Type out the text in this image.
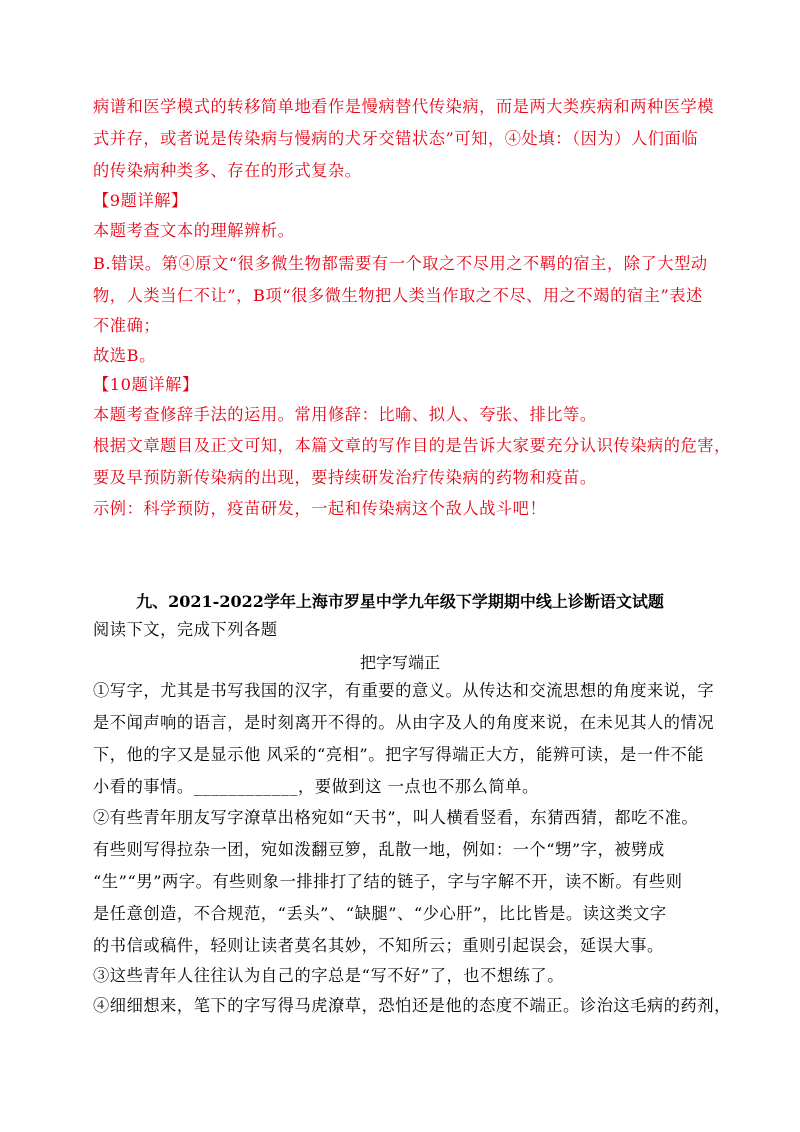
病谱和医学模式的转移简单地看作是慢病替代传染病，而是两大类疾病和两种医学模
式并存，或者说是传染病与慢病的犬牙交错状态”可知，④处填：（因为）人们面临
的传染病种类多、存在的形式复杂。
【9题详解】
本题考查文本的理解辨析。
B.错误。第④原文“很多微生物都需要有一个取之不尽用之不羁的宿主，除了大型动
物，人类当仁不让”，B项“很多微生物把人类当作取之不尽、用之不竭的宿主”表述
不准确；
故选B。
【10题详解】
本题考查修辞手法的运用。常用修辞：比喻、拟人、夸张、排比等。
根据文章题目及正文可知，本篇文章的写作目的是告诉大家要充分认识传染病的危害，
要及早预防新传染病的出现，要持续研发治疗传染病的药物和疫苗。
示例：科学预防，疫苗研发，一起和传染病这个敌人战斗吧！
九、2021-2022学年上海市罗星中学九年级下学期期中线上诊断语文试题
阅读下文，完成下列各题
把字写端正
①写字，尤其是书写我国的汉字，有重要的意义。从传达和交流思想的角度来说，字
是不闻声响的语言，是时刻离开不得的。从由字及人的角度来说，在未见其人的情况
下，他的字又是显示他 风采的“亮相”。把字写得端正大方，能辨可读，是一件不能
小看的事情。____________，要做到这 一点也不那么简单。
②有些青年朋友写字潦草出格宛如“天书”，叫人横看竖看，东猜西猜，都吃不准。
有些则写得拉杂一团，宛如泼翻豆箩，乱散一地，例如：一个“甥”字，被劈成
“生”“男”两字。有些则象一排排打了结的链子，字与字解不开，读不断。有些则
是任意创造，不合规范，“丢头”、“缺腿”、“少心肝”，比比皆是。读这类文字
的书信或稿件，轻则让读者莫名其妙，不知所云；重则引起误会，延误大事。
③这些青年人往往认为自己的字总是“写不好”了，也不想练了。
④细细想来，笔下的字写得马虎潦草，恐怕还是他的态度不端正。诊治这毛病的药剂，
